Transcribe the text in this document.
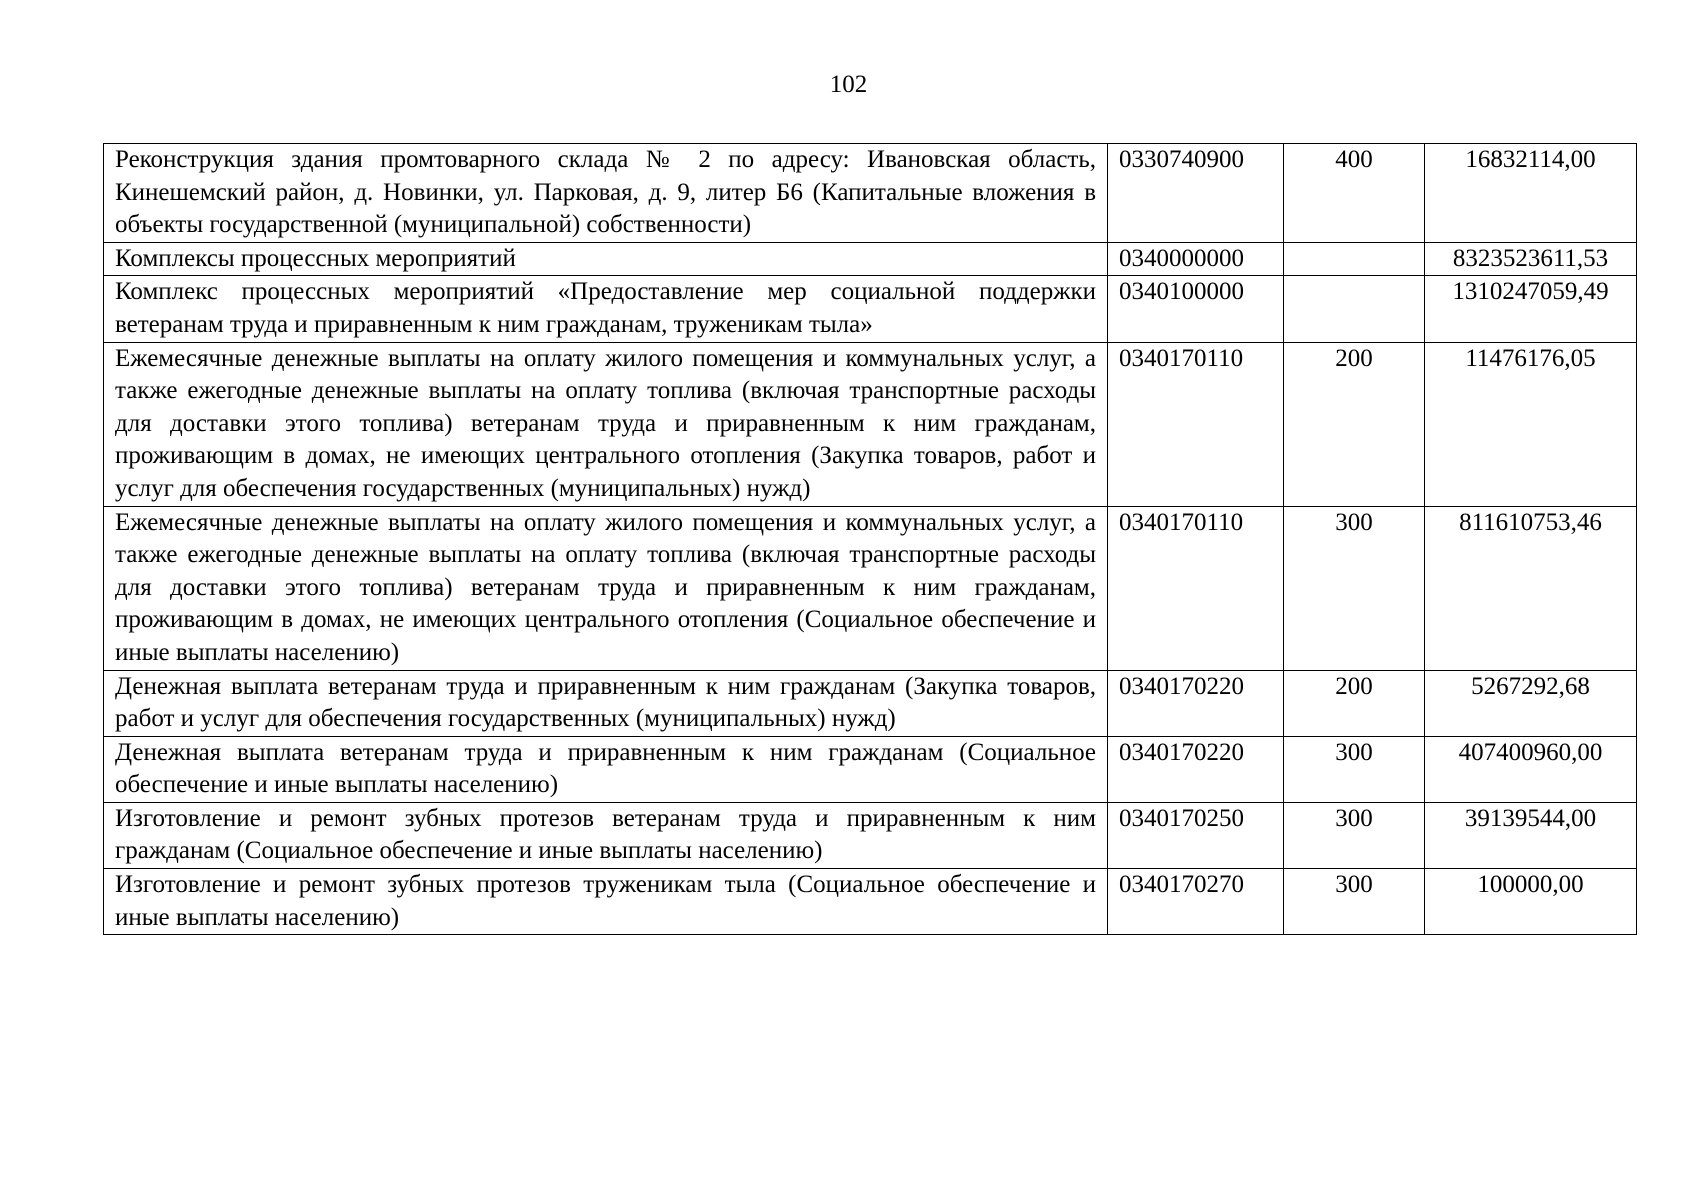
102
Реконструкция здания промтоварного склада № 2 по адресу: Ивановская область, Кинешемский район, д. Новинки, ул. Парковая, д. 9, литер Б6 (Капитальные вложения в объекты государственной (муниципальной) собственности)	0330740900	400	16832114,00
Комплексы процессных мероприятий	0340000000		8323523611,53
Комплекс процессных мероприятий «Предоставление мер социальной поддержки ветеранам труда и приравненным к ним гражданам, труженикам тыла»	0340100000		1310247059,49
Ежемесячные денежные выплаты на оплату жилого помещения и коммунальных услуг, а также ежегодные денежные выплаты на оплату топлива (включая транспортные расходы для доставки этого топлива) ветеранам труда и приравненным к ним гражданам, проживающим в домах, не имеющих центрального отопления (Закупка товаров, работ и услуг для обеспечения государственных (муниципальных) нужд)	0340170110	200	11476176,05
Ежемесячные денежные выплаты на оплату жилого помещения и коммунальных услуг, а также ежегодные денежные выплаты на оплату топлива (включая транспортные расходы для доставки этого топлива) ветеранам труда и приравненным к ним гражданам, проживающим в домах, не имеющих центрального отопления (Социальное обеспечение и иные выплаты населению)	0340170110	300	811610753,46
Денежная выплата ветеранам труда и приравненным к ним гражданам (Закупка товаров, работ и услуг для обеспечения государственных (муниципальных) нужд)	0340170220	200	5267292,68
Денежная выплата ветеранам труда и приравненным к ним гражданам (Социальное обеспечение и иные выплаты населению)	0340170220	300	407400960,00
Изготовление и ремонт зубных протезов ветеранам труда и приравненным к ним гражданам (Социальное обеспечение и иные выплаты населению)	0340170250	300	39139544,00
Изготовление и ремонт зубных протезов труженикам тыла (Социальное обеспечение и иные выплаты населению)	0340170270	300	100000,00
